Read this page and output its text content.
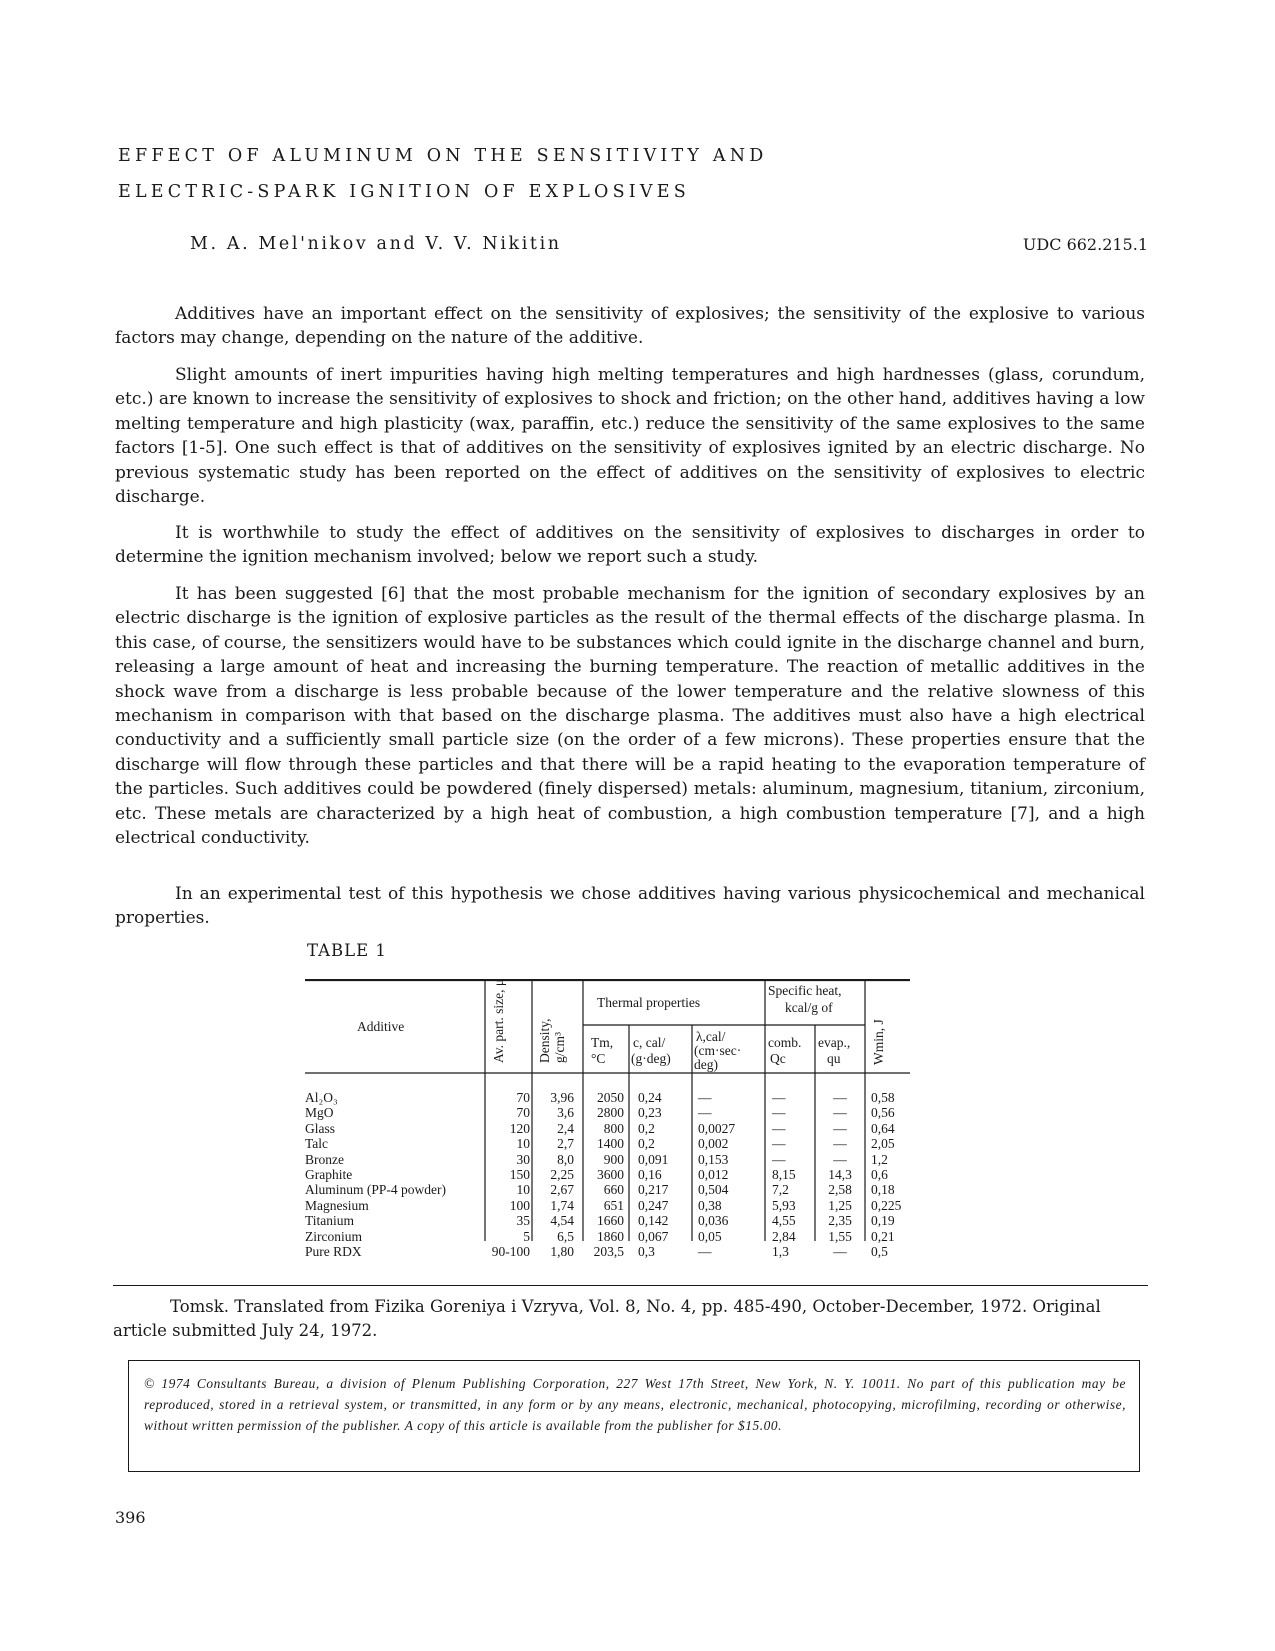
EFFECT OF ALUMINUM ON THE SENSITIVITY AND
ELECTRIC-SPARK IGNITION OF EXPLOSIVES
M. A. Mel'nikov and V. V. Nikitin	UDC 662.215.1
Additives have an important effect on the sensitivity of explosives; the sensitivity of the explosive to various factors may change, depending on the nature of the additive.
Slight amounts of inert impurities having high melting temperatures and high hardnesses (glass, corundum, etc.) are known to increase the sensitivity of explosives to shock and friction; on the other hand, additives having a low melting temperature and high plasticity (wax, paraffin, etc.) reduce the sensitivity of the same explosives to the same factors [1-5]. One such effect is that of additives on the sensitivity of explosives ignited by an electric discharge. No previous systematic study has been reported on the effect of additives on the sensitivity of explosives to electric discharge.
It is worthwhile to study the effect of additives on the sensitivity of explosives to discharges in order to determine the ignition mechanism involved; below we report such a study.
It has been suggested [6] that the most probable mechanism for the ignition of secondary explosives by an electric discharge is the ignition of explosive particles as the result of the thermal effects of the discharge plasma. In this case, of course, the sensitizers would have to be substances which could ignite in the discharge channel and burn, releasing a large amount of heat and increasing the burning temperature. The reaction of metallic additives in the shock wave from a discharge is less probable because of the lower temperature and the relative slowness of this mechanism in comparison with that based on the discharge plasma. The additives must also have a high electrical conductivity and a sufficiently small particle size (on the order of a few microns). These properties ensure that the discharge will flow through these particles and that there will be a rapid heating to the evaporation temperature of the particles. Such additives could be powdered (finely dispersed) metals: aluminum, magnesium, titanium, zirconium, etc. These metals are characterized by a high heat of combustion, a high combustion temperature [7], and a high electrical conductivity.
In an experimental test of this hypothesis we chose additives having various physicochemical and mechanical properties.
TABLE 1
Additive	Av. part. size, μ Density, g/cm³
Thermal properties
Tm,
°C
c, cal/
(g·deg)
λ,cal/
(cm·sec·
deg)
Specific heat,
kcal/g of
comb.
Qc
evap.,
qu Wmin, J
Al₂O₃
MgO
Glass
Talc
Bronze
Graphite
Aluminum (PP-4 powder)
Magnesium
Titanium
Zirconium
Pure RDX
70
70
120
10
30
150
10
100
35
5
90-100
3,96
3,6
2,4
2,7
8,0
2,25
2,67
1,74
4,54
6,5
1,80
2050
2800
800
1400
900
3600
660
651
1660
1860
203,5
0,24
0,23
0,2
0,2
0,091
0,16
0,217
0,247
0,142
0,067
0,3
—
—
0,0027
0,002
0,153
0,012
0,504
0,38
0,036
0,05
—
—
—
—
—
—
8,15
7,2
5,93
4,55
2,84
1,3
—
—
—
—
—
14,3
2,58
1,25
2,35
1,55
—
0,58
0,56
0,64
2,05
1,2
0,6
0,18
0,225
0,19
0,21
0,5
Tomsk. Translated from Fizika Goreniya i Vzryva, Vol. 8, No. 4, pp. 485-490, October-December, 1972. Original article submitted July 24, 1972.
© 1974 Consultants Bureau, a division of Plenum Publishing Corporation, 227 West 17th Street, New York, N. Y. 10011. No part of this publication may be reproduced, stored in a retrieval system, or transmitted, in any form or by any means, electronic, mechanical, photocopying, microfilming, recording or otherwise, without written permission of the publisher. A copy of this article is available from the publisher for $15.00.
396
